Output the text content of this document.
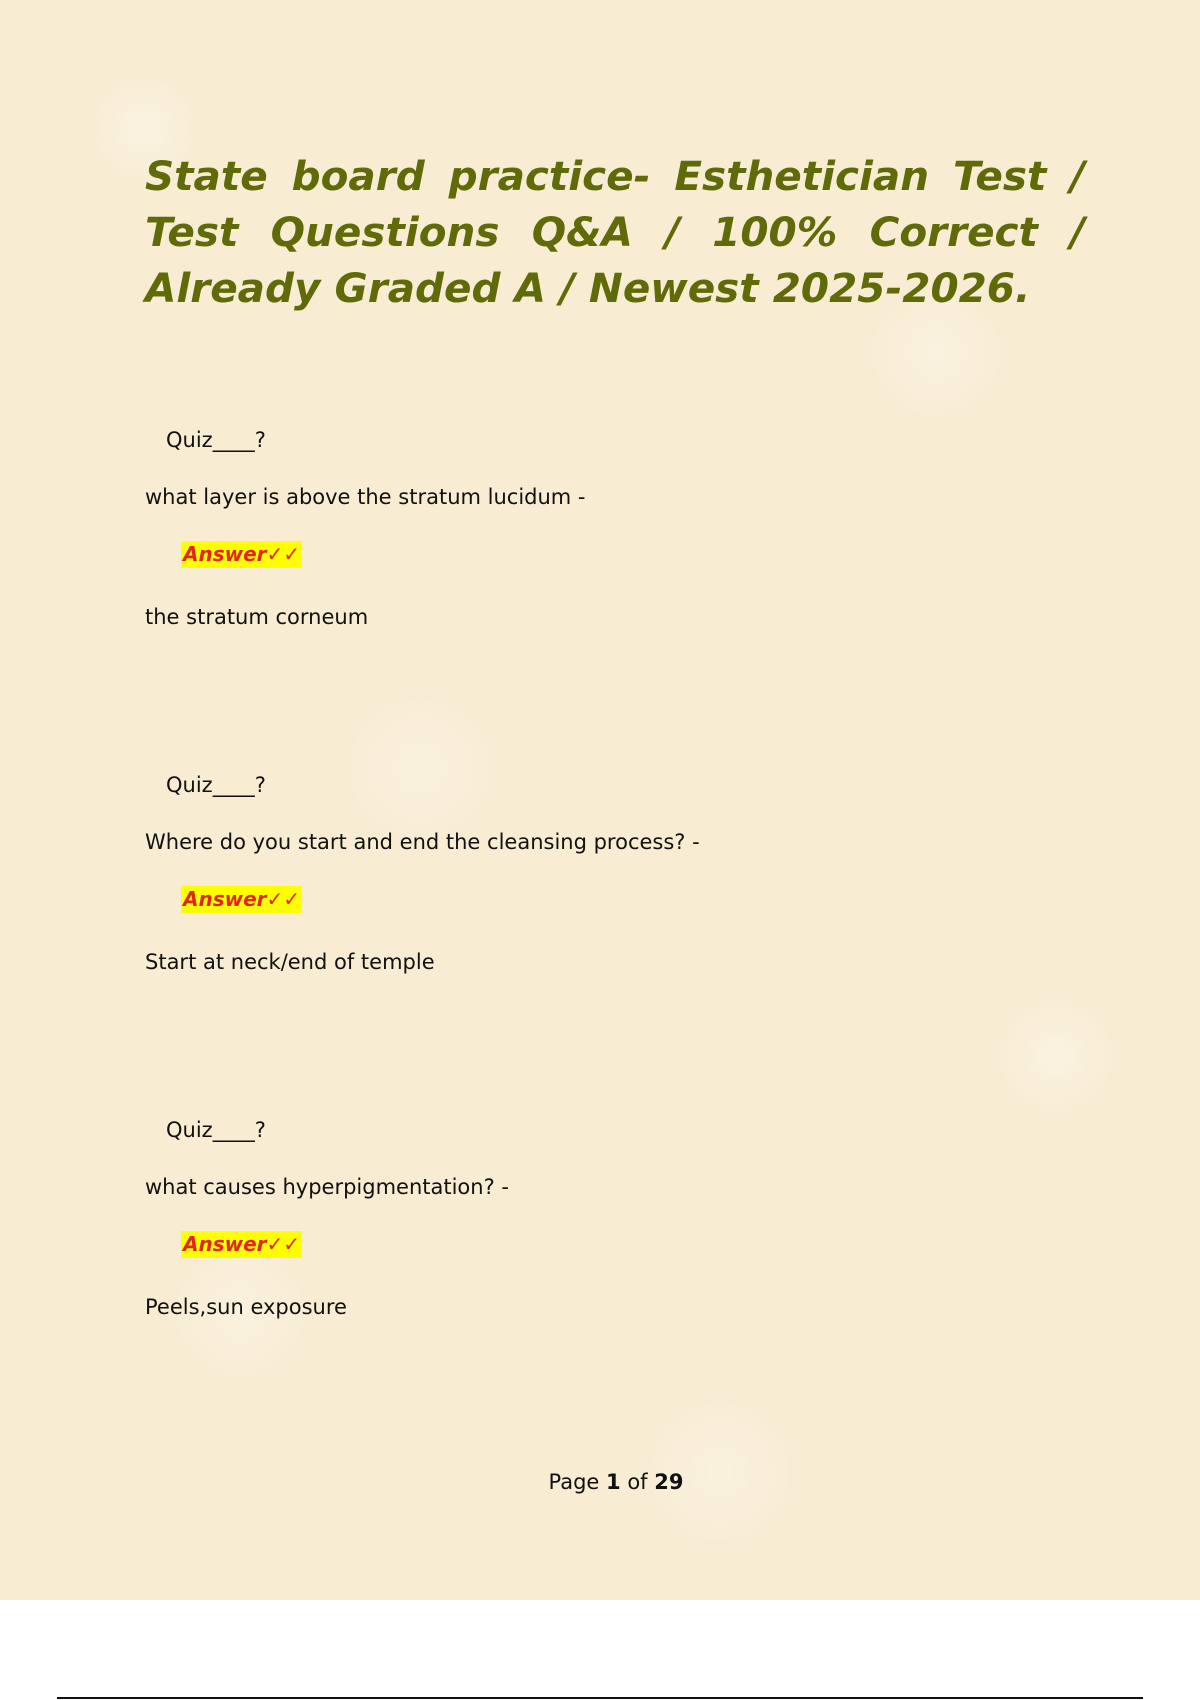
State board practice- Esthetician Test /
Test Questions Q&A / 100% Correct /
Already Graded A / Newest 2025-2026.
Quiz____?
what layer is above the stratum lucidum -
Answer✓✓
the stratum corneum
Quiz____?
Where do you start and end the cleansing process? -
Answer✓✓
Start at neck/end of temple
Quiz____?
what causes hyperpigmentation? -
Answer✓✓
Peels,sun exposure
Page 1 of 29
